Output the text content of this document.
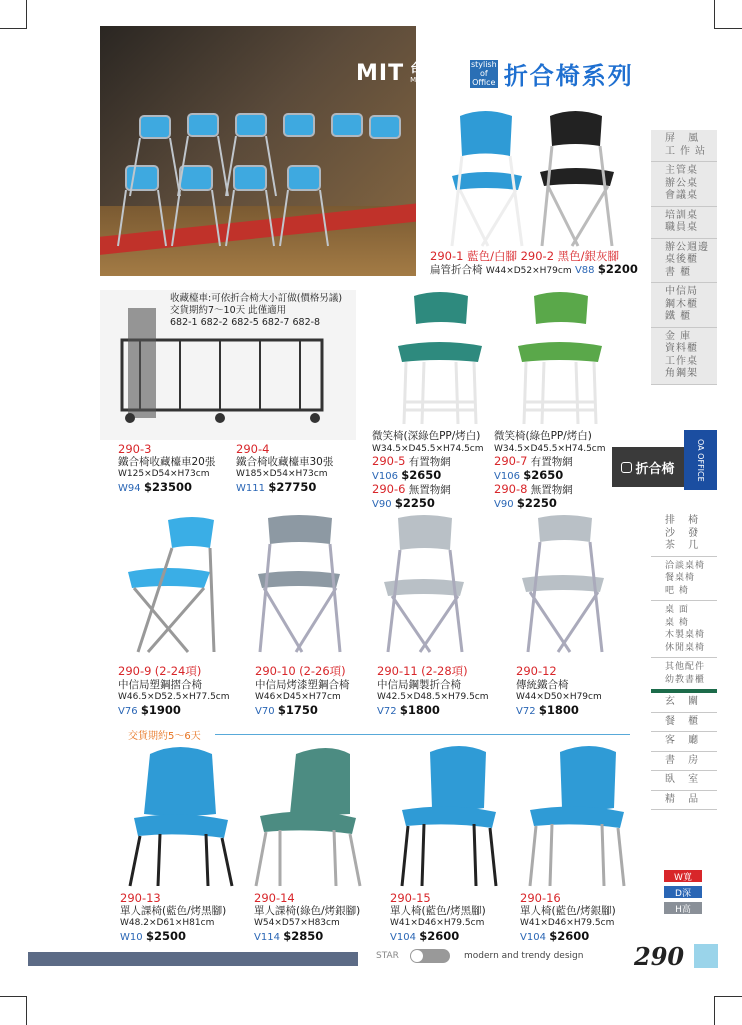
MIT 台灣製造
Made in Taiwan
stylish
of
Office 折合椅系列
290-1 藍色/白腳 290-2 黑色/銀灰腳
扁管折合椅 W44×D52×H79cm V88 $2200
收藏檯車:可依折合椅大小訂做(價格另議)
交貨期約7〜10天 此僅適用
682-1 682-2 682-5 682-7 682-8
290-3
鐵合椅收藏檯車20張
W125×D54×H73cm
W94 $23500
290-4
鐵合椅收藏檯車30張
W185×D54×H73cm
W111 $27750
微笑椅(深綠色PP/烤白)
W34.5×D45.5×H74.5cm
290-5 有置物網
V106 $2650
290-6 無置物網
V90 $2250
微笑椅(綠色PP/烤白)
W34.5×D45.5×H74.5cm
290-7 有置物網
V106 $2650
290-8 無置物網
V90 $2250
290-9 (2-24項)
中信局塑鋼摺合椅
W46.5×D52.5×H77.5cm
V76 $1900
290-10 (2-26項)
中信局烤漆塑鋼合椅
W46×D45×H77cm
V70 $1750
290-11 (2-28項)
中信局鋼製折合椅
W42.5×D48.5×H79.5cm
V72 $1800
290-12
傳統鐵合椅
W44×D50×H79cm
V72 $1800
交貨期約5〜6天
290-13
單人課椅(藍色/烤黑腳)
W48.2×D61×H81cm
W10 $2500
290-14
單人課椅(綠色/烤銀腳)
W54×D57×H83cm
V114 $2850
290-15
單人椅(藍色/烤黑腳)
W41×D46×H79.5cm
V104 $2600
290-16
單人椅(藍色/烤銀腳)
W41×D46×H79.5cm
V104 $2600
屏 風
工作站
主管桌
辦公桌
會議桌
培訓桌
職員桌
辦公週邊
桌後櫃
書 櫃
中信局
鋼木櫃
鐵 櫃
金 庫
資料櫃
工作桌
角鋼架
OA OFFICE
折合椅
排 椅
沙 發
茶 几
洽談桌椅
餐桌椅
吧 椅
桌 面
桌 椅
木製桌椅
休閒桌椅
其他配件
幼教書櫃
玄 關
餐 櫃
客 廳
書 房
臥 室
精 品
W寬
D深
H高
STAR	modern and trendy design 290
